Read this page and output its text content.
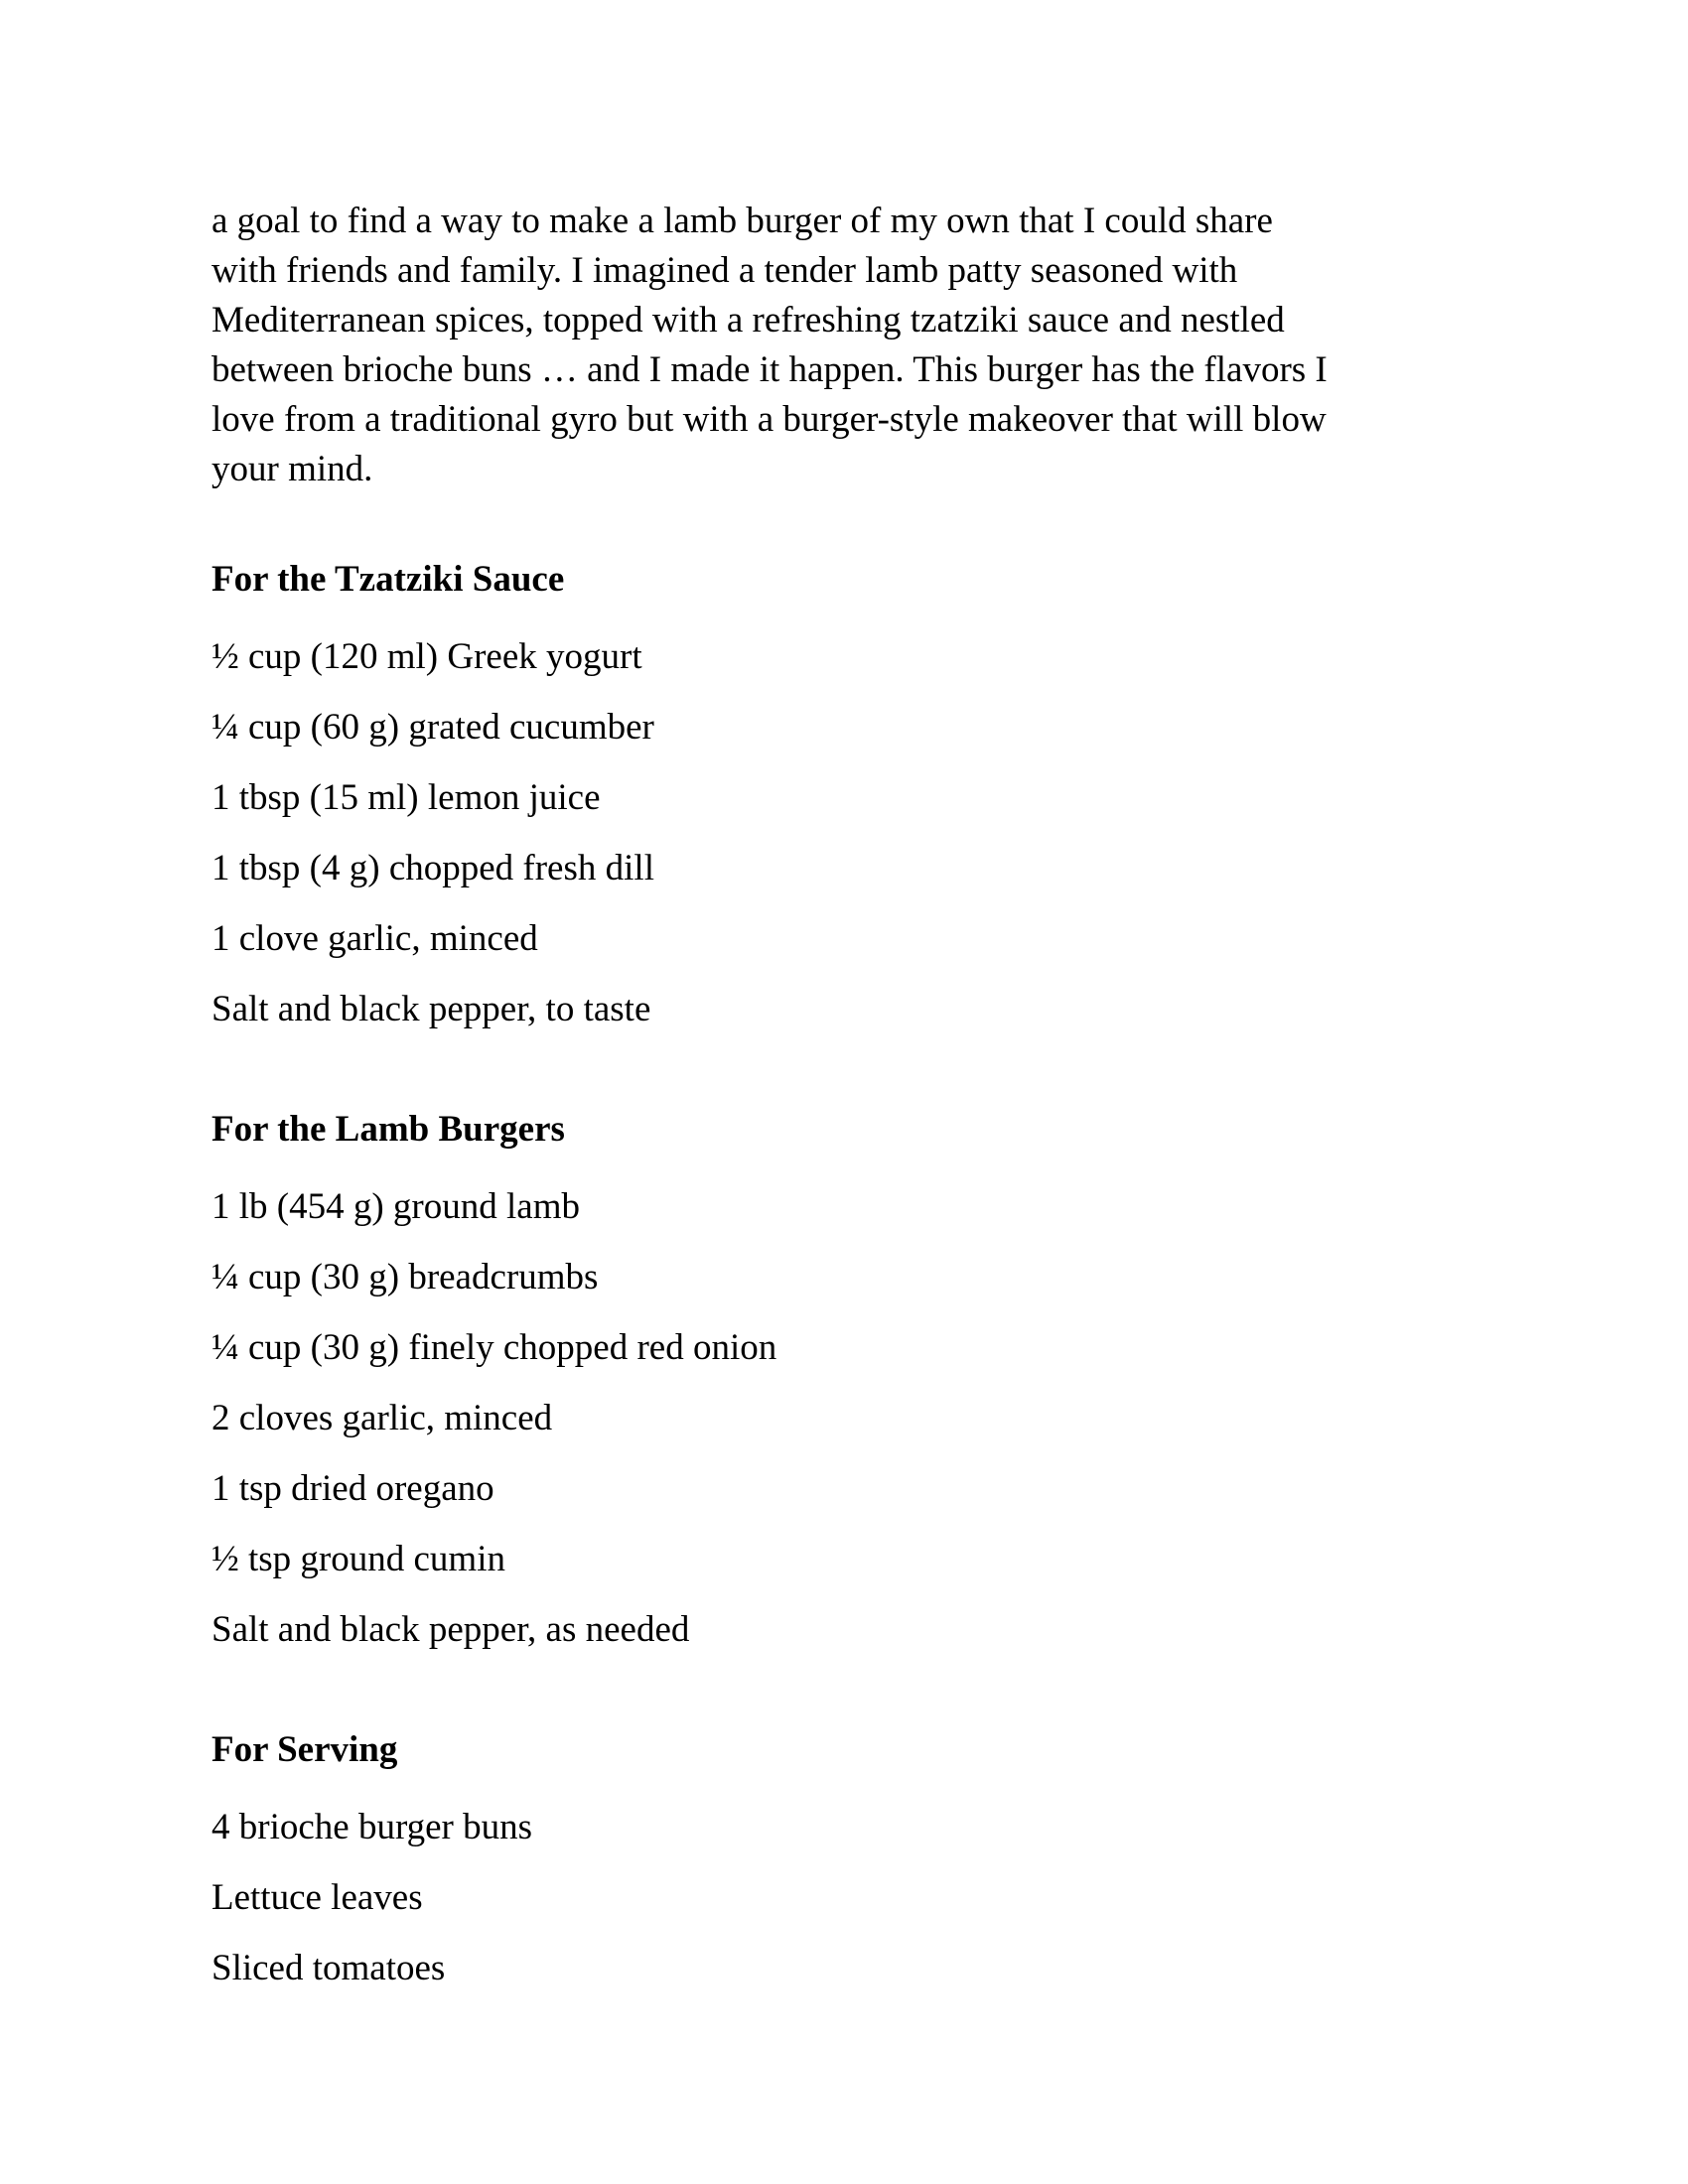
a goal to find a way to make a lamb burger of my own that I could share
with friends and family. I imagined a tender lamb patty seasoned with
Mediterranean spices, topped with a refreshing tzatziki sauce and nestled
between brioche buns … and I made it happen. This burger has the flavors I
love from a traditional gyro but with a burger-style makeover that will blow
your mind.

For the Tzatziki Sauce
½ cup (120 ml) Greek yogurt
¼ cup (60 g) grated cucumber
1 tbsp (15 ml) lemon juice
1 tbsp (4 g) chopped fresh dill
1 clove garlic, minced
Salt and black pepper, to taste
For the Lamb Burgers
1 lb (454 g) ground lamb
¼ cup (30 g) breadcrumbs
¼ cup (30 g) finely chopped red onion
2 cloves garlic, minced
1 tsp dried oregano
½ tsp ground cumin
Salt and black pepper, as needed
For Serving
4 brioche burger buns
Lettuce leaves
Sliced tomatoes
